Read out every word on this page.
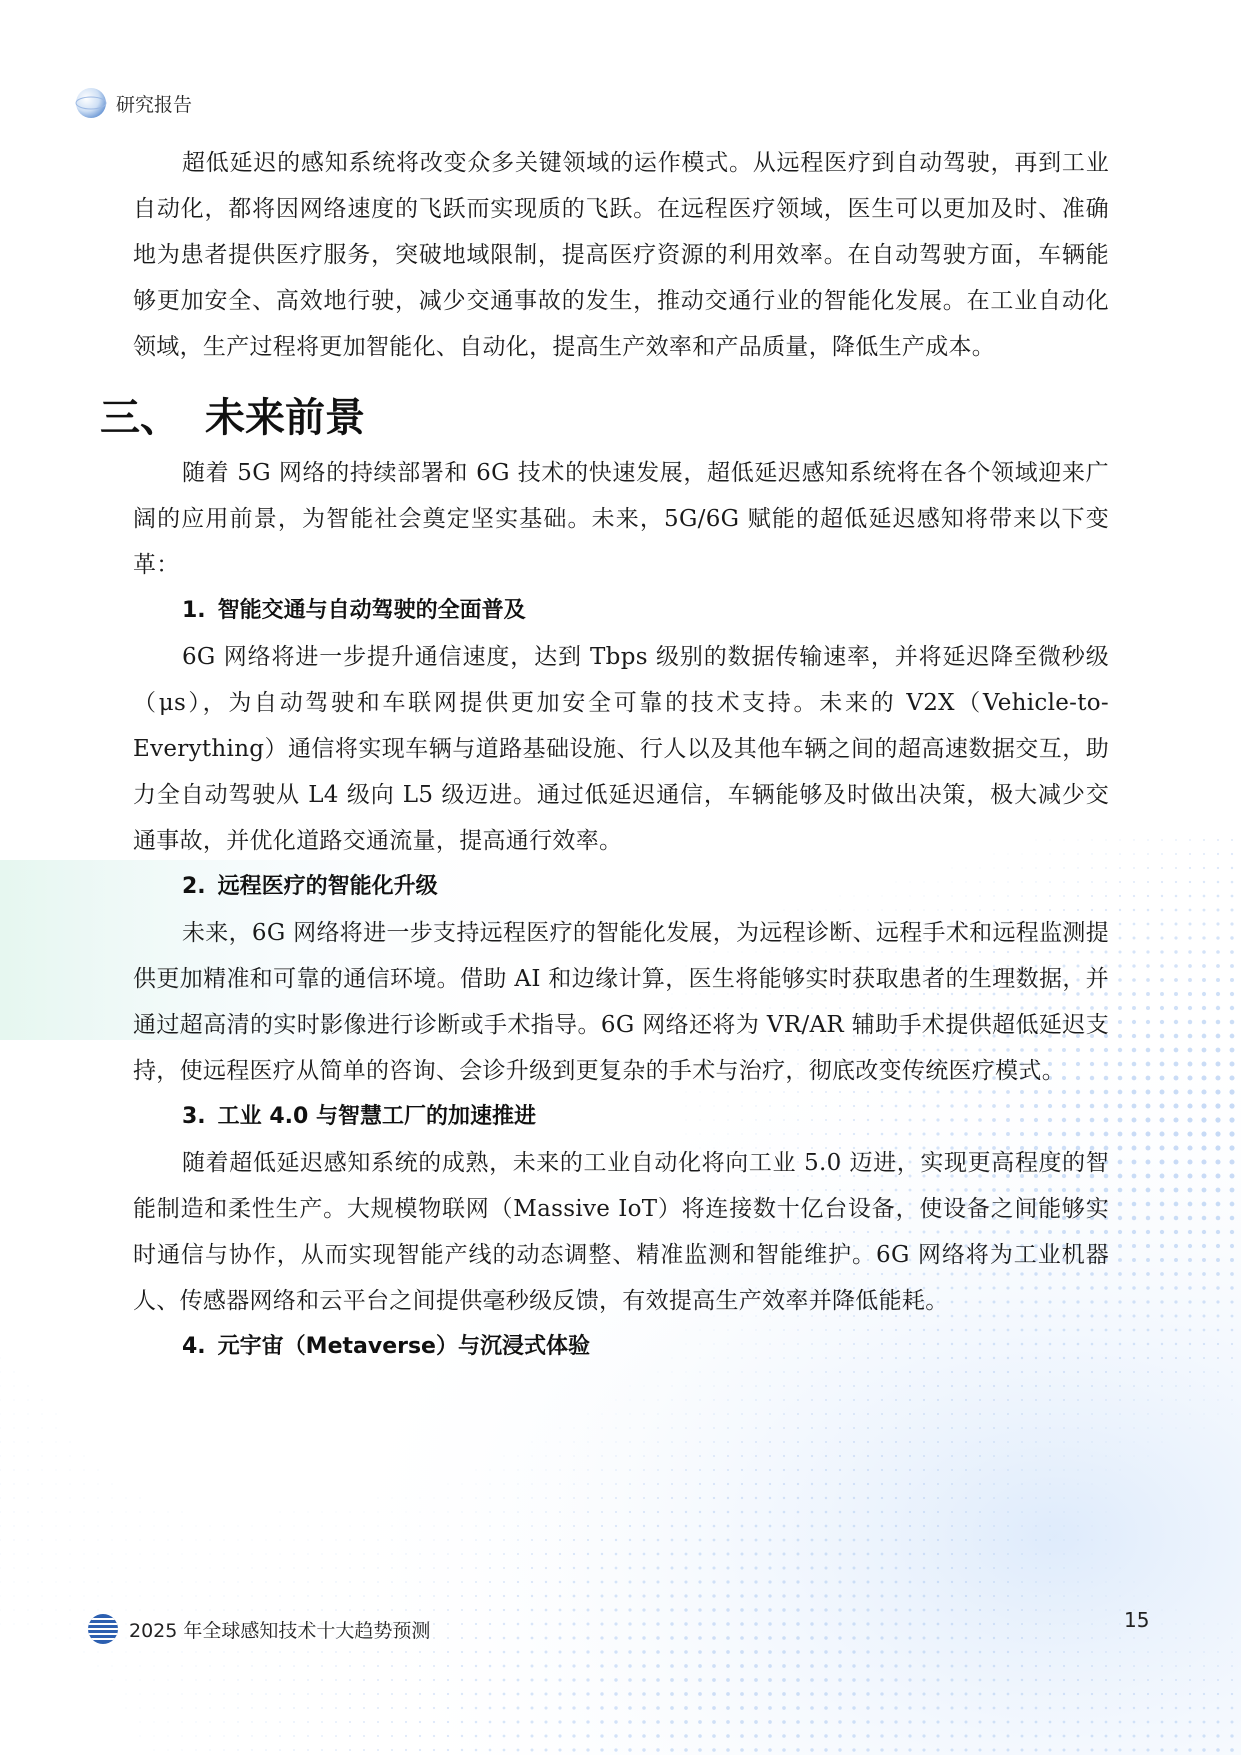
研究报告

超低延迟的感知系统将改变众多关键领域的运作模式。从远程医疗到自动驾驶，再到工业自动化，都将因网络速度的飞跃而实现质的飞跃。在远程医疗领域，医生可以更加及时、准确地为患者提供医疗服务，突破地域限制，提高医疗资源的利用效率。在自动驾驶方面，车辆能够更加安全、高效地行驶，减少交通事故的发生，推动交通行业的智能化发展。在工业自动化领域，生产过程将更加智能化、自动化，提高生产效率和产品质量，降低生产成本。

三、 未来前景

随着 5G 网络的持续部署和 6G 技术的快速发展，超低延迟感知系统将在各个领域迎来广阔的应用前景，为智能社会奠定坚实基础。未来，5G/6G 赋能的超低延迟感知将带来以下变革：

1. 智能交通与自动驾驶的全面普及

6G 网络将进一步提升通信速度，达到 Tbps 级别的数据传输速率，并将延迟降至微秒级（μs），为自动驾驶和车联网提供更加安全可靠的技术支持。未来的 V2X（Vehicle-to-Everything）通信将实现车辆与道路基础设施、行人以及其他车辆之间的超高速数据交互，助力全自动驾驶从 L4 级向 L5 级迈进。通过低延迟通信，车辆能够及时做出决策，极大减少交通事故，并优化道路交通流量，提高通行效率。

2. 远程医疗的智能化升级

未来，6G 网络将进一步支持远程医疗的智能化发展，为远程诊断、远程手术和远程监测提供更加精准和可靠的通信环境。借助 AI 和边缘计算，医生将能够实时获取患者的生理数据，并通过超高清的实时影像进行诊断或手术指导。6G 网络还将为 VR/AR 辅助手术提供超低延迟支持，使远程医疗从简单的咨询、会诊升级到更复杂的手术与治疗，彻底改变传统医疗模式。

3. 工业 4.0 与智慧工厂的加速推进

随着超低延迟感知系统的成熟，未来的工业自动化将向工业 5.0 迈进，实现更高程度的智能制造和柔性生产。大规模物联网（Massive IoT）将连接数十亿台设备，使设备之间能够实时通信与协作，从而实现智能产线的动态调整、精准监测和智能维护。6G 网络将为工业机器人、传感器网络和云平台之间提供毫秒级反馈，有效提高生产效率并降低能耗。

4. 元宇宙（Metaverse）与沉浸式体验
2025 年全球感知技术十大趋势预测	15
